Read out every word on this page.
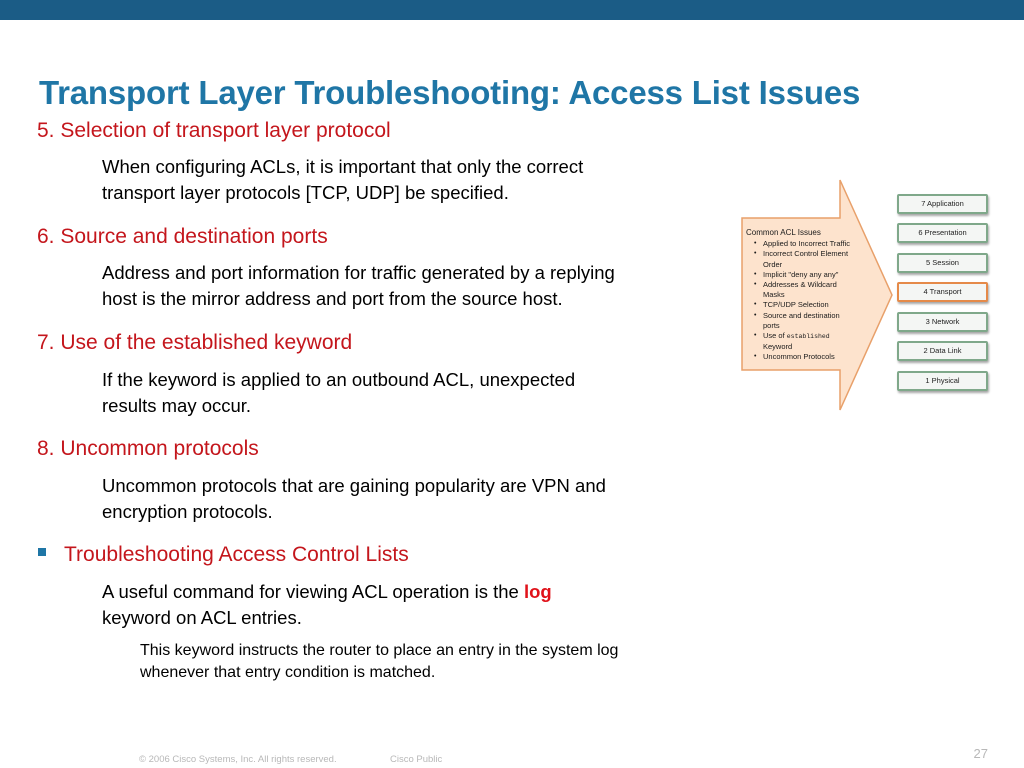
Transport Layer Troubleshooting: Access List Issues
5. Selection of transport layer protocol
When configuring ACLs, it is important that only the correct
transport layer protocols [TCP, UDP] be specified.
6. Source and destination ports
Address and port information for traffic generated by a replying
host is the mirror address and port from the source host.
7. Use of the established keyword
If the keyword is applied to an outbound ACL, unexpected
results may occur.
8. Uncommon protocols
Uncommon protocols that are gaining popularity are VPN and
encryption protocols.
Troubleshooting Access Control Lists
A useful command for viewing ACL operation is the log
keyword on ACL entries.
This keyword instructs the router to place an entry in the system log
whenever that entry condition is matched.
Common ACL Issues
• Applied to Incorrect Traffic
• Incorrect Control Element
Order
• Implicit "deny any any"
• Addresses & Wildcard Masks
• TCP/UDP Selection
• Source and destination ports
• Use of established Keyword
• Uncommon Protocols
7 Application
6 Presentation
5 Session
4 Transport
3 Network
2 Data Link
1 Physical
© 2006 Cisco Systems, Inc. All rights reserved.	Cisco Public	27
